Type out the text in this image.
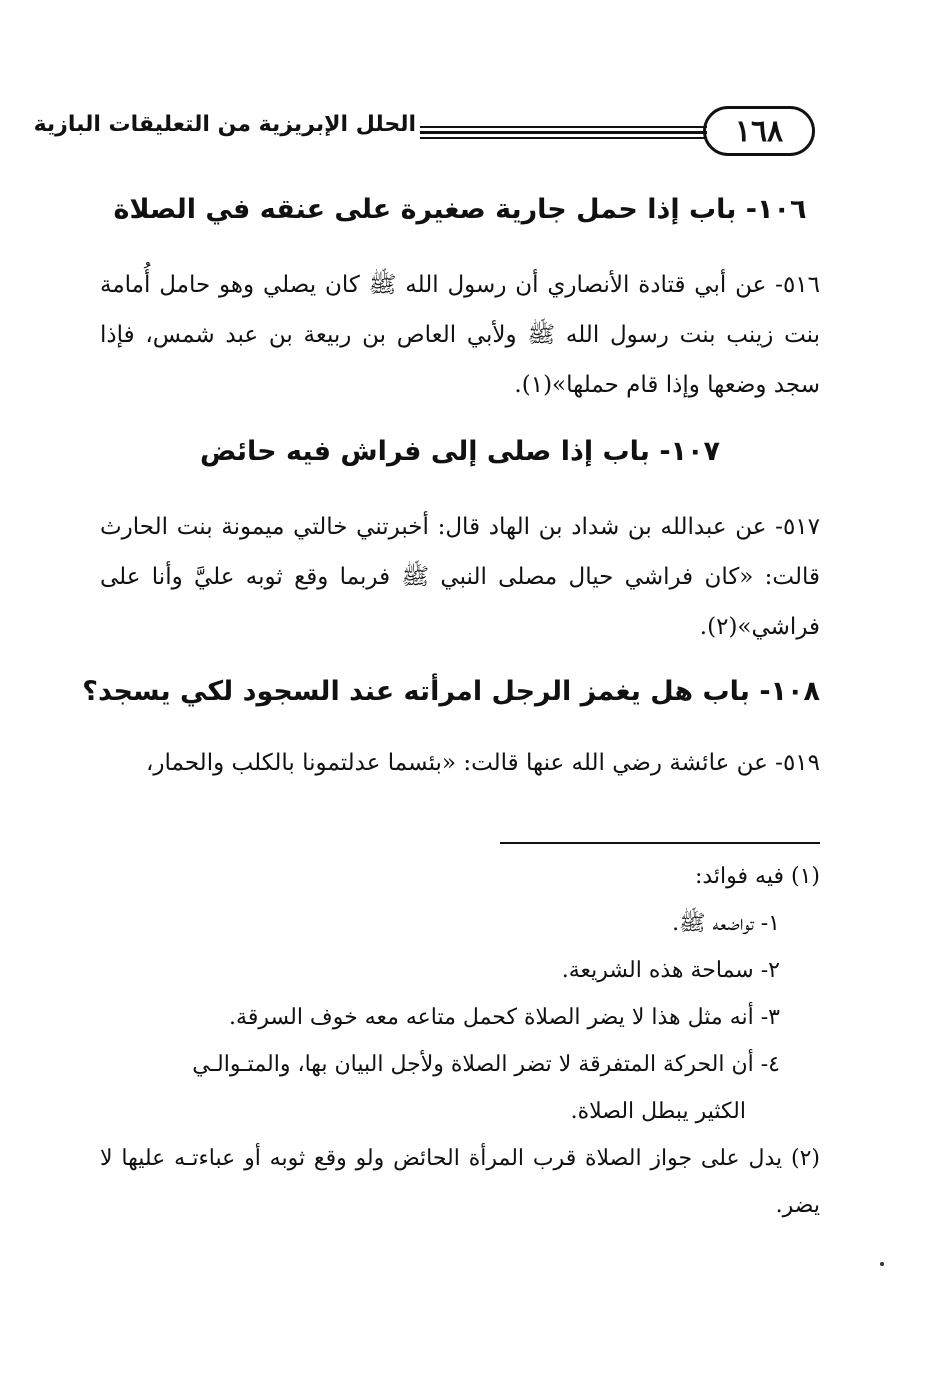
١٦٨
الحلل الإبريزية من التعليقات البازية
١٠٦- باب إذا حمل جارية صغيرة على عنقه في الصلاة
٥١٦- عن أبي قتادة الأنصاري أن رسول الله ﷺ كان يصلي وهو حامل أُمامة بنت زينب بنت رسول الله ﷺ ولأبي العاص بن ربيعة بن عبد شمس، فإذا سجد وضعها وإذا قام حملها»(١).
١٠٧- باب إذا صلى إلى فراش فيه حائض
٥١٧- عن عبدالله بن شداد بن الهاد قال: أخبرتني خالتي ميمونة بنت الحارث قالت: «كان فراشي حيال مصلى النبي ﷺ فربما وقع ثوبه عليَّ وأنا على فراشي»(٢).
١٠٨- باب هل يغمز الرجل امرأته عند السجود لكي يسجد؟
٥١٩- عن عائشة رضي الله عنها قالت: «بئسما عدلتمونا بالكلب والحمار،
(١) فيه فوائد:
١- تواضعه ﷺ.
٢- سماحة هذه الشريعة.
٣- أنه مثل هذا لا يضر الصلاة كحمل متاعه معه خوف السرقة.
٤- أن الحركة المتفرقة لا تضر الصلاة ولأجل البيان بها، والمتـوالـي
الكثير يبطل الصلاة.
(٢) يدل على جواز الصلاة قرب المرأة الحائض ولو وقع ثوبه أو عباءتـه عليها لا يضر.
